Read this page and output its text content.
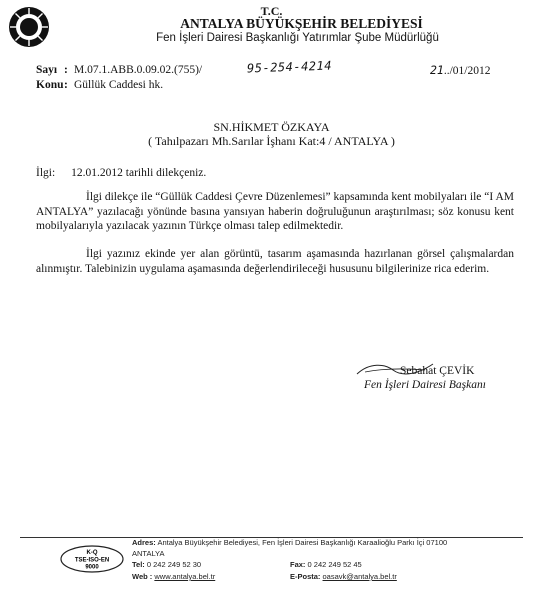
T.C.
ANTALYA BÜYÜKŞEHİR BELEDİYESİ
Fen İşleri Dairesi Başkanlığı Yatırımlar Şube Müdürlüğü
Sayı : M.07.1.ABB.0.09.02.(755)/	95-254-4214	21../01/2012
Konu : Güllük Caddesi hk.
SN.HİKMET ÖZKAYA
( Tahılpazarı Mh.Sarılar İşhanı Kat:4 / ANTALYA )
İlgi: 12.01.2012 tarihli dilekçeniz.
İlgi dilekçe ile “Güllük Caddesi Çevre Düzenlemesi” kapsamında kent mobilyaları ile “I AM ANTALYA” yazılacağı yönünde basına yansıyan haberin doğruluğunun araştırılması; söz konusu kent mobilyalarıyla yazılacak yazının Türkçe olması talep edilmektedir.
İlgi yazınız ekinde yer alan görüntü, tasarım aşamasında hazırlanan görsel çalışmalardan alınmıştır. Talebinizin uygulama aşamasında değerlendirileceği hususunu bilgilerinize rica ederim.
Sebahat ÇEVİK
Fen İşleri Dairesi Başkanı
K-Q
TSE-ISO-EN
9000
Adres: Antalya Büyükşehir Belediyesi, Fen İşleri Dairesi Başkanlığı Karaalioğlu Parkı İçi 07100
ANTALYA
Tel: 0 242 249 52 30	Fax: 0 242 249 52 45
Web : www.antalya.bel.tr	E-Posta: oasavk@antalya.bel.tr
